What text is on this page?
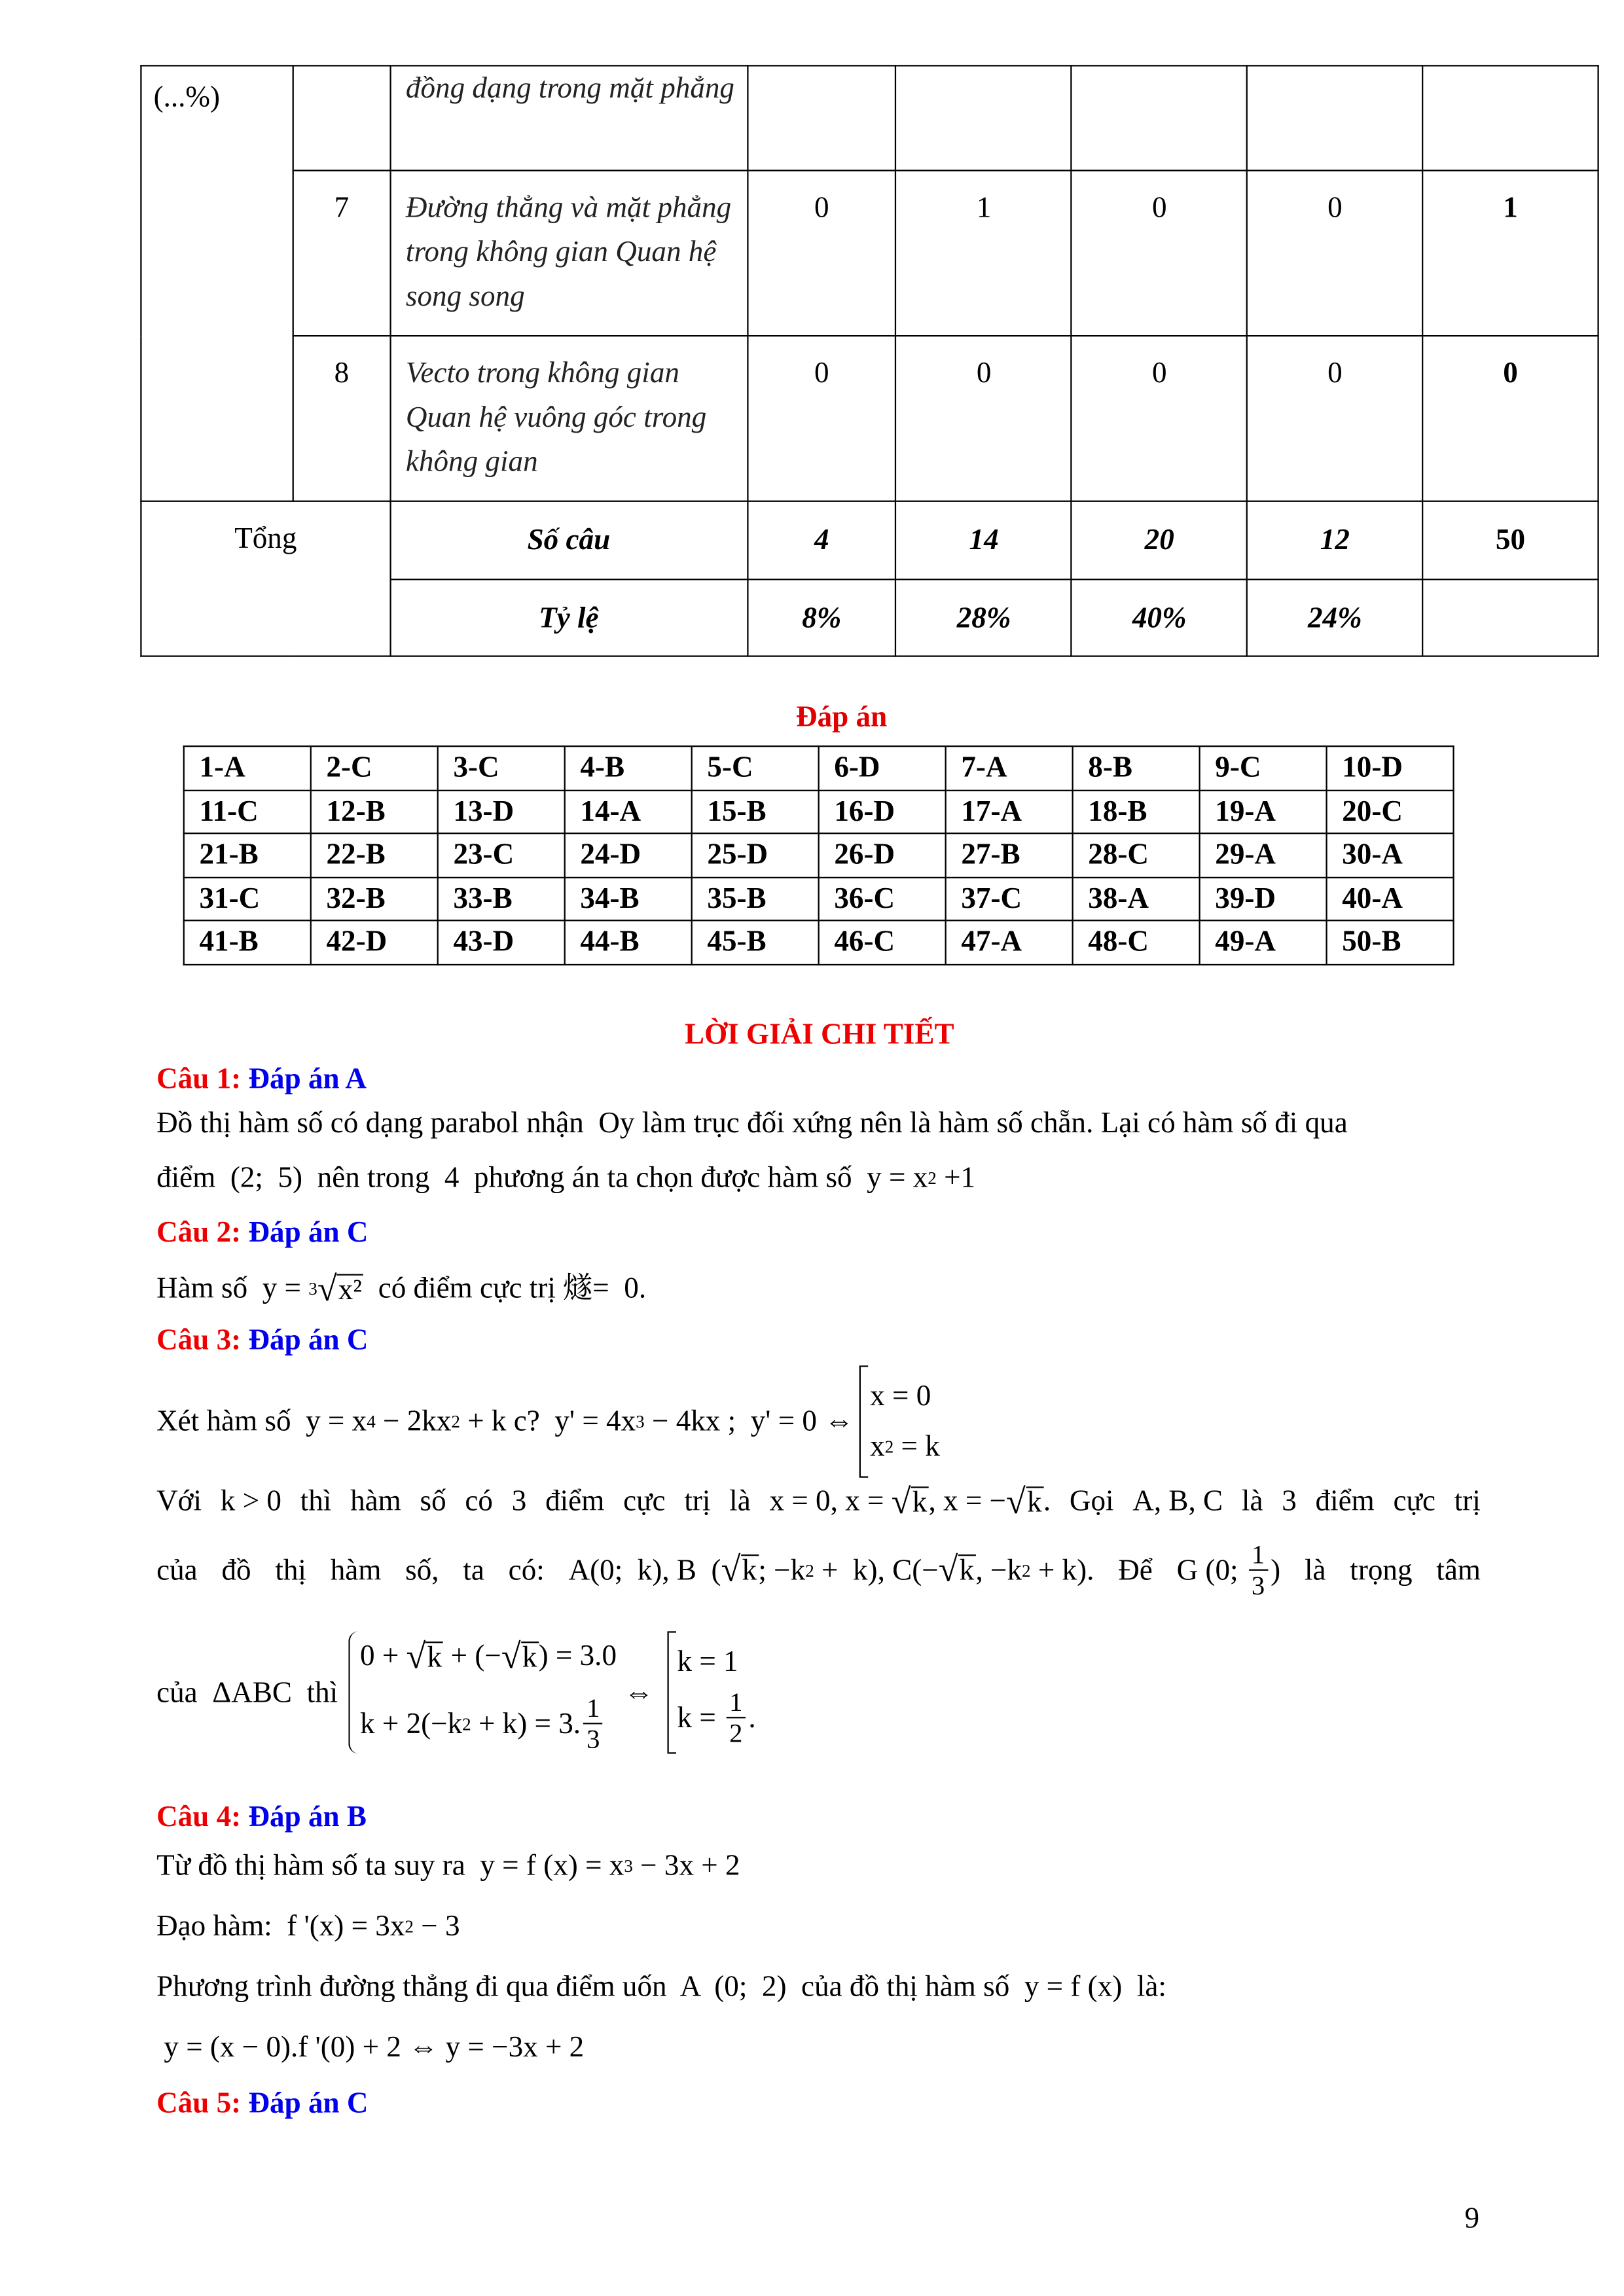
(...%)		đồng dạng trong mặt phẳng					
	7	Đường thẳng và mặt phẳng trong không gian Quan hệ song song	0	1	0	0	1
	8	Vecto trong không gian Quan hệ vuông góc trong không gian	0	0	0	0	0
Tổng		Số câu	4	14	20	12	50
		Tỷ lệ	8%	28%	40%	24%	
Đáp án
1-A	2-C	3-C	4-B	5-C	6-D	7-A	8-B	9-C	10-D
11-C	12-B	13-D	14-A	15-B	16-D	17-A	18-B	19-A	20-C
21-B	22-B	23-C	24-D	25-D	26-D	27-B	28-C	29-A	30-A
31-C	32-B	33-B	34-B	35-B	36-C	37-C	38-A	39-D	40-A
41-B	42-D	43-D	44-B	45-B	46-C	47-A	48-C	49-A	50-B
LỜI GIẢI CHI TIẾT
Câu 1: Đáp án A
Đồ thị hàm số có dạng parabol nhận  Oy làm trục đối xứng nên là hàm số chẵn. Lại có hàm số đi qua
điểm  (2;  5)  nên trong  4  phương án ta chọn được hàm số  y = x 2 +1
Câu 2: Đáp án C
Hàm số  y = 3 √ x² có điểm cực trị 燧=  0.
Câu 3: Đáp án C
Xét hàm số  y = x 4 − 2kx 2 + k c?  y' = 4x 3 − 4kx ;  y' = 0 ⇔
x = 0
x 2 = k
Với k > 0 thì hàm số có 3 điểm cực trị là x = 0, x = √ k , x = − √ k . Gọi A, B, C là 3 điểm cực trị
của đồ thị hàm số, ta có: A(0;  k), B  ( √ k ; −k 2 +  k), C(− √ k , −k 2 + k). Để G (0; $\frac{1}{3}$ ) là trọng tâm
của  ΔABC  thì
0 + √ k + (− √ k ) = 3.0
k + 2(−k 2 + k) = 3. $\frac{1}{3}$
⇔
k = 1
$k = \frac{1}{2}$ .
Câu 4: Đáp án B
Từ đồ thị hàm số ta suy ra  y = f (x) = x 3 − 3x + 2
Đạo hàm:  f '(x) = 3x 2 − 3
Phương trình đường thẳng đi qua điểm uốn  A  (0;  2)  của đồ thị hàm số  y = f (x)  là:
y = (x − 0).f '(0) + 2 ⇔ y = −3x + 2
Câu 5: Đáp án C
9
